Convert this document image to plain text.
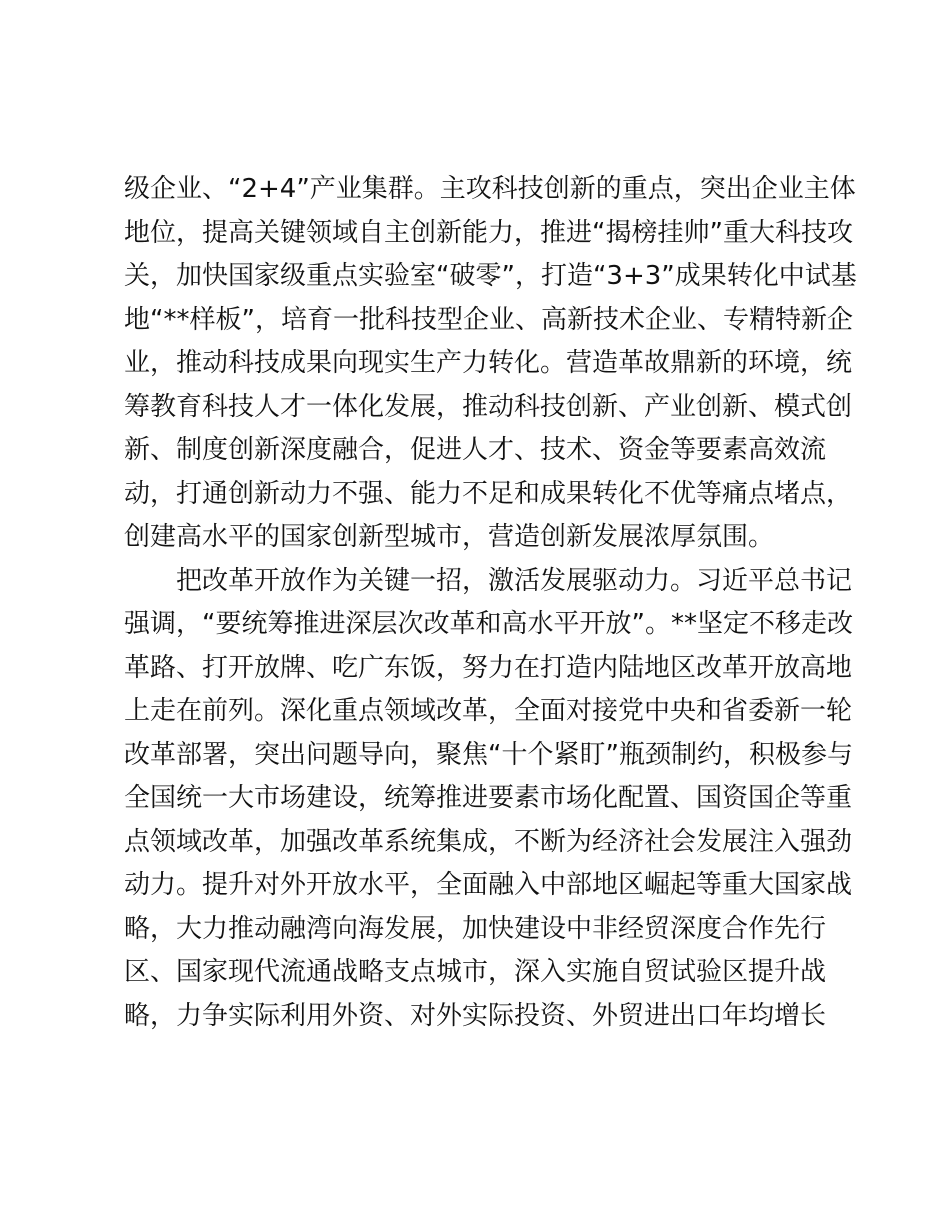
级企业、“2+4”产业集群。主攻科技创新的重点，突出企业主体
地位，提高关键领域自主创新能力，推进“揭榜挂帅”重大科技攻
关，加快国家级重点实验室“破零”，打造“3+3”成果转化中试基
地“**样板”，培育一批科技型企业、高新技术企业、专精特新企
业，推动科技成果向现实生产力转化。营造革故鼎新的环境，统
筹教育科技人才一体化发展，推动科技创新、产业创新、模式创
新、制度创新深度融合，促进人才、技术、资金等要素高效流
动，打通创新动力不强、能力不足和成果转化不优等痛点堵点，
创建高水平的国家创新型城市，营造创新发展浓厚氛围。
把改革开放作为关键一招，激活发展驱动力。习近平总书记
强调，“要统筹推进深层次改革和高水平开放”。**坚定不移走改
革路、打开放牌、吃广东饭，努力在打造内陆地区改革开放高地
上走在前列。深化重点领域改革，全面对接党中央和省委新一轮
改革部署，突出问题导向，聚焦“十个紧盯”瓶颈制约，积极参与
全国统一大市场建设，统筹推进要素市场化配置、国资国企等重
点领域改革，加强改革系统集成，不断为经济社会发展注入强劲
动力。提升对外开放水平，全面融入中部地区崛起等重大国家战
略，大力推动融湾向海发展，加快建设中非经贸深度合作先行
区、国家现代流通战略支点城市，深入实施自贸试验区提升战
略，力争实际利用外资、对外实际投资、外贸进出口年均增长
